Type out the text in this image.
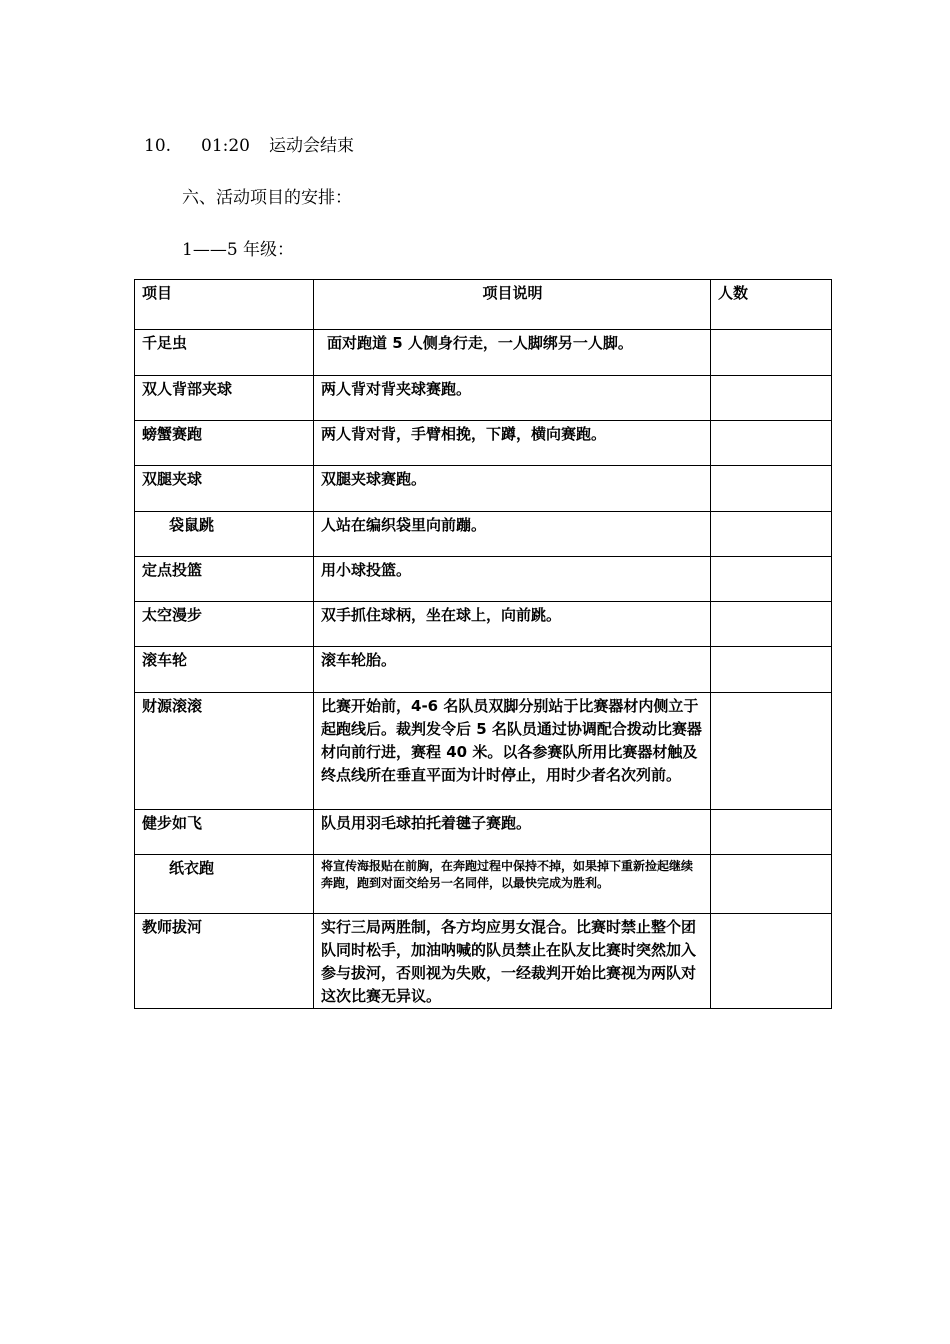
10. 01:20 运动会结束
六、活动项目的安排：
1——5 年级：
项目	项目说明	人数
千足虫	面对跑道 5 人侧身行走，一人脚绑另一人脚。	
双人背部夹球	两人背对背夹球赛跑。	
螃蟹赛跑	两人背对背，手臂相挽，下蹲，横向赛跑。	
双腿夹球	双腿夹球赛跑。	
袋鼠跳	人站在编织袋里向前蹦。	
定点投篮	用小球投篮。	
太空漫步	双手抓住球柄，坐在球上，向前跳。	
滚车轮	滚车轮胎。	
财源滚滚	比赛开始前，4-6 名队员双脚分别站于比赛器材内侧立于起跑线后。裁判发令后 5 名队员通过协调配合拨动比赛器材向前行进，赛程 40 米。以各参赛队所用比赛器材触及终点线所在垂直平面为计时停止，用时少者名次列前。	
健步如飞	队员用羽毛球拍托着毽子赛跑。	
纸衣跑	将宣传海报贴在前胸，在奔跑过程中保持不掉，如果掉下重新捡起继续奔跑，跑到对面交给另一名同伴，以最快完成为胜利。	
教师拔河	实行三局两胜制，各方均应男女混合。比赛时禁止整个团队同时松手，加油呐喊的队员禁止在队友比赛时突然加入参与拔河，否则视为失败，一经裁判开始比赛视为两队对这次比赛无异议。	
